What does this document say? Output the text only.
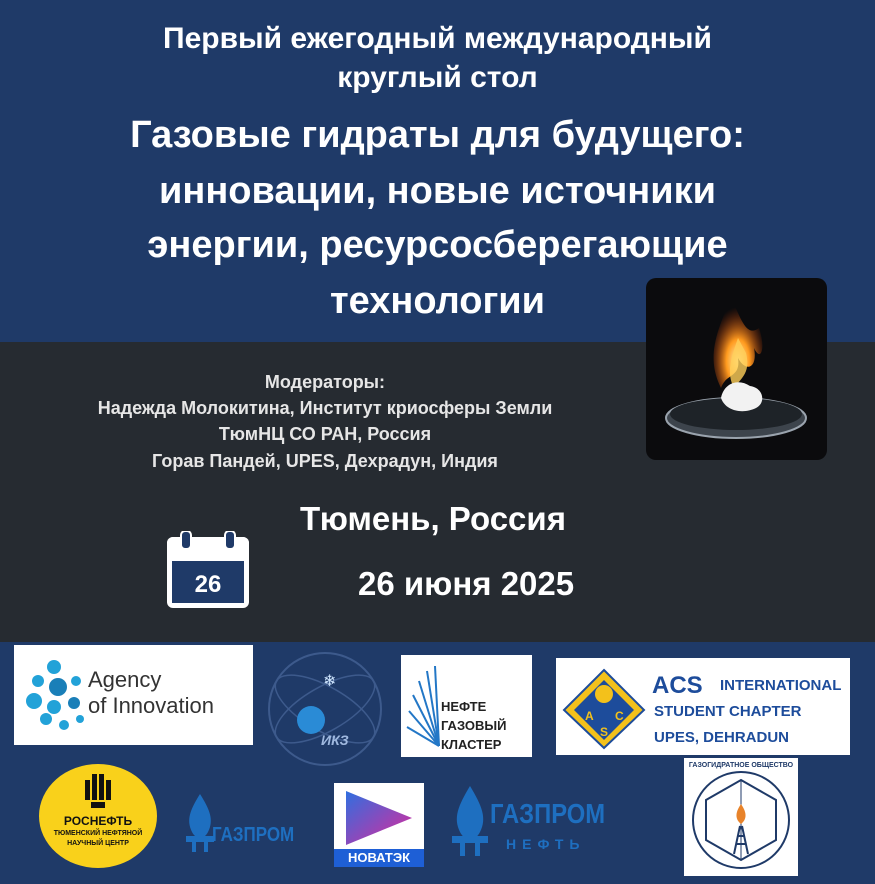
Первый ежегодный международный
круглый стол
Газовые гидраты для будущего:
инновации, новые источники
энергии, ресурсосберегающие
технологии
Модераторы:
Надежда Молокитина, Институт криосферы Земли
ТюмНЦ СО РАН, Россия
Горав Пандей, UPES, Дехрадун, Индия
Тюмень, Россия
26	26 июня 2025
Agency
of Innovation
❄
ИКЗ
НЕФТЕ
ГАЗОВЫЙ
КЛАСТЕР
A C
S
ACS INTERNATIONAL
STUDENT CHAPTER
UPES, DEHRADUN
РОСНЕФТЬ
ТЮМЕНСКИЙ НЕФТЯНОЙ
НАУЧНЫЙ ЦЕНТР	ГАЗПРОМ
НОВАТЭК
ГАЗПРОМ
НЕФТЬ
ГАЗОГИДРАТНОЕ ОБЩЕСТВО
